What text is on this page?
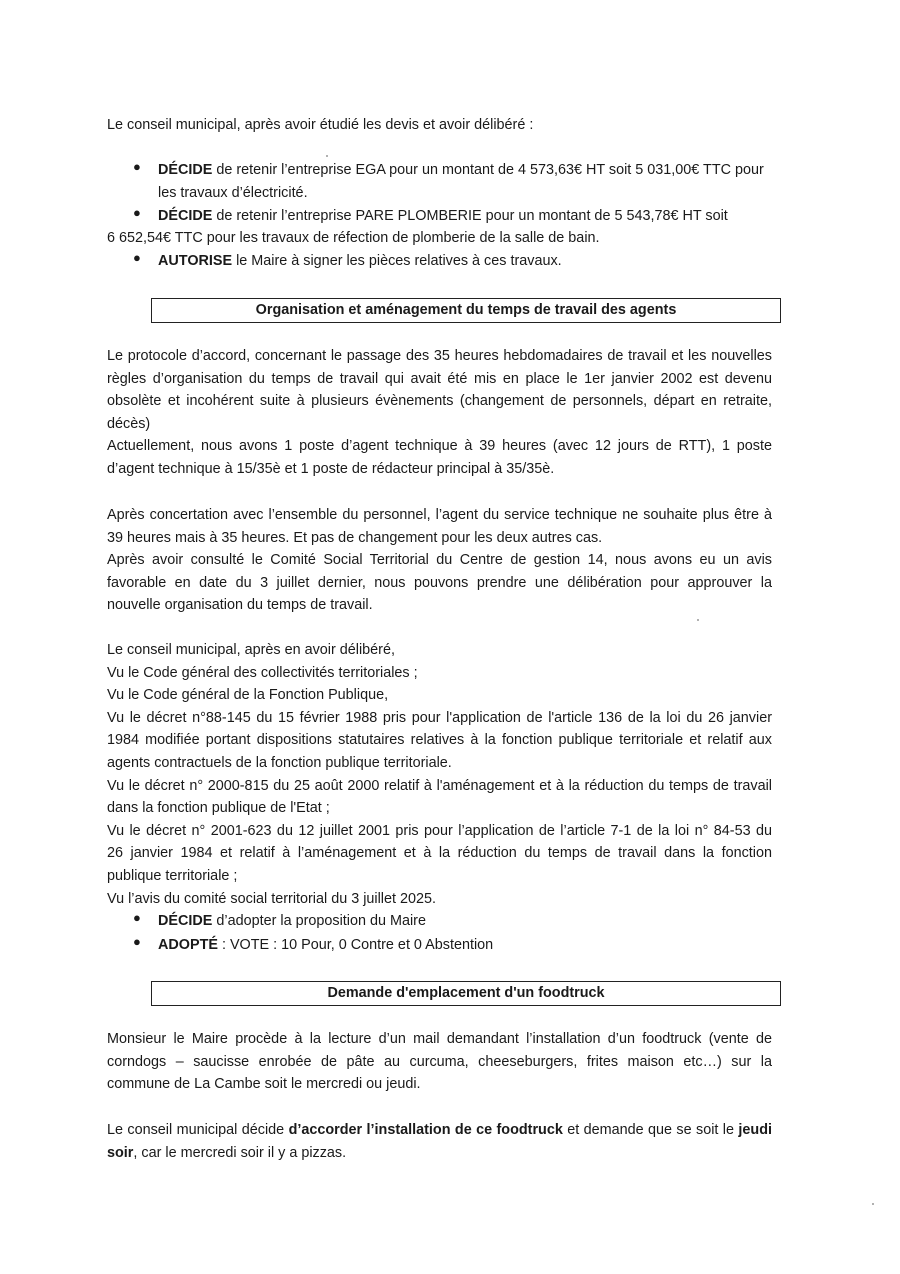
Le conseil municipal, après avoir étudié les devis et avoir délibéré :
● DÉCIDE de retenir l’entreprise EGA pour un montant de 4 573,63€ HT soit 5 031,00€ TTC pour
les travaux d’électricité.
● DÉCIDE de retenir l’entreprise PARE PLOMBERIE pour un montant de 5 543,78€ HT soit
6 652,54€ TTC pour les travaux de réfection de plomberie de la salle de bain.
● AUTORISE le Maire à signer les pièces relatives à ces travaux.
Organisation et aménagement du temps de travail des agents
Le protocole d’accord, concernant le passage des 35 heures hebdomadaires de travail et les nouvelles
règles d’organisation du temps de travail qui avait été mis en place le 1er janvier 2002 est devenu
obsolète et incohérent suite à plusieurs évènements (changement de personnels, départ en retraite,
décès)
Actuellement, nous avons 1 poste d’agent technique à 39 heures (avec 12 jours de RTT), 1 poste
d’agent technique à 15/35è et 1 poste de rédacteur principal à 35/35è.
Après concertation avec l’ensemble du personnel, l’agent du service technique ne souhaite plus être à
39 heures mais à 35 heures. Et pas de changement pour les deux autres cas.
Après avoir consulté le Comité Social Territorial du Centre de gestion 14, nous avons eu un avis
favorable en date du 3 juillet dernier, nous pouvons prendre une délibération pour approuver la
nouvelle organisation du temps de travail.
Le conseil municipal, après en avoir délibéré,
Vu le Code général des collectivités territoriales ;
Vu le Code général de la Fonction Publique,
Vu le décret n°88-145 du 15 février 1988 pris pour l'application de l'article 136 de la loi du 26 janvier
1984 modifiée portant dispositions statutaires relatives à la fonction publique territoriale et relatif aux
agents contractuels de la fonction publique territoriale.
Vu le décret n° 2000-815 du 25 août 2000 relatif à l'aménagement et à la réduction du temps de travail
dans la fonction publique de l'Etat ;
Vu le décret n° 2001-623 du 12 juillet 2001 pris pour l’application de l’article 7-1 de la loi n° 84-53 du
26 janvier 1984 et relatif à l’aménagement et à la réduction du temps de travail dans la fonction
publique territoriale ;
Vu l’avis du comité social territorial du 3 juillet 2025.
● DÉCIDE d’adopter la proposition du Maire
● ADOPTÉ : VOTE : 10 Pour, 0 Contre et 0 Abstention
Demande d'emplacement d'un foodtruck
Monsieur le Maire procède à la lecture d’un mail demandant l’installation d’un foodtruck (vente de
corndogs – saucisse enrobée de pâte au curcuma, cheeseburgers, frites maison etc…) sur la
commune de La Cambe soit le mercredi ou jeudi.
Le conseil municipal décide d’accorder l’installation de ce foodtruck et demande que se soit le jeudi
soir, car le mercredi soir il y a pizzas.
